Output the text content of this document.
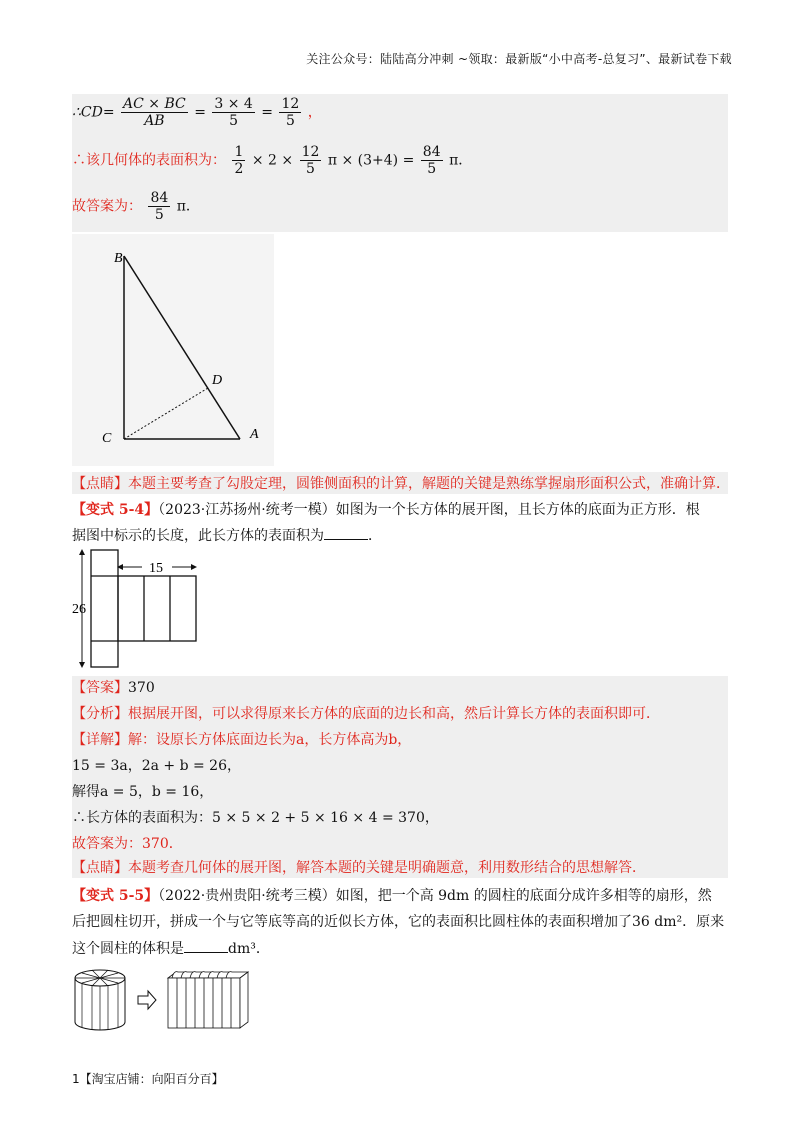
关注公众号：陆陆高分冲刺 ~领取：最新版“小中高考-总复习”、最新试卷下载
∴CD= $\frac{AC \times BC}{AB} = \frac{3 \times 4}{5} = \frac{12}{5}$ ，
∴该几何体的表面积为： $\frac{1}{2} \times 2 \times \frac{12}{5}$ $\pi \times (3+4) = \frac{84}{5}$ π．
故答案为： $\frac{84}{5}$ π．
B
D
C	A
【点睛】本题主要考查了勾股定理，圆锥侧面积的计算，解题的关键是熟练掌握扇形面积公式，准确计算．
【变式 5-4】（2023·江苏扬州·统考一模）如图为一个长方体的展开图，且长方体的底面为正方形．根
据图中标示的长度，此长方体的表面积为	．
15
26
【答案】370
【分析】根据展开图，可以求得原来长方体的底面的边长和高，然后计算长方体的表面积即可．
【详解】解：设原长方体底面边长为a，长方体高为b，
15 = 3a，2a + b = 26，
解得a = 5，b = 16，
∴长方体的表面积为：5 × 5 × 2 + 5 × 16 × 4 = 370，
故答案为：370．
【点睛】本题考查几何体的展开图，解答本题的关键是明确题意，利用数形结合的思想解答．
【变式 5-5】（2022·贵州贵阳·统考三模）如图，把一个高 9dm 的圆柱的底面分成许多相等的扇形，然
后把圆柱切开，拼成一个与它等底等高的近似长方体，它的表面积比圆柱体的表面积增加了36 dm²．原来
这个圆柱的体积是	dm³．
1【淘宝店铺：向阳百分百】
